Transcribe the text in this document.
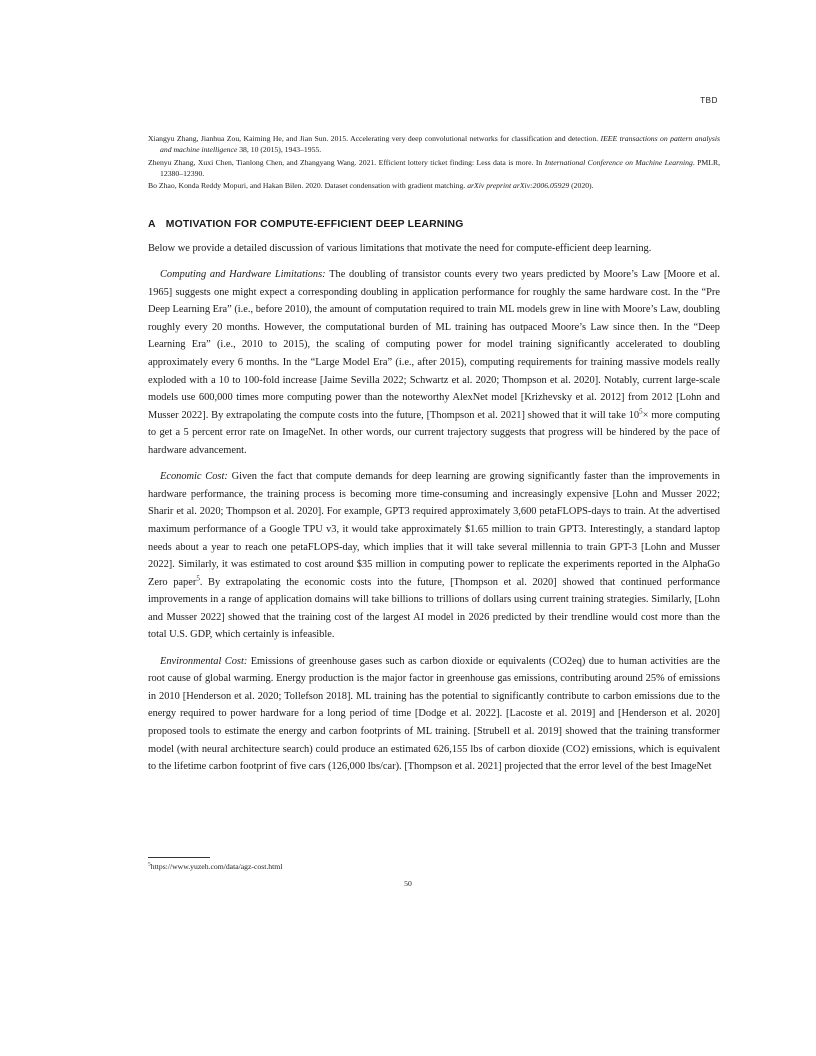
TBD

Xiangyu Zhang, Jianhua Zou, Kaiming He, and Jian Sun. 2015. Accelerating very deep convolutional networks for classification and detection. IEEE transactions on pattern analysis and machine intelligence 38, 10 (2015), 1943–1955.

Zhenyu Zhang, Xuxi Chen, Tianlong Chen, and Zhangyang Wang. 2021. Efficient lottery ticket finding: Less data is more. In International Conference on Machine Learning. PMLR, 12380–12390.

Bo Zhao, Konda Reddy Mopuri, and Hakan Bilen. 2020. Dataset condensation with gradient matching. arXiv preprint arXiv:2006.05929 (2020).

A MOTIVATION FOR COMPUTE-EFFICIENT DEEP LEARNING

Below we provide a detailed discussion of various limitations that motivate the need for compute-efficient deep learning.

Computing and Hardware Limitations: The doubling of transistor counts every two years predicted by Moore’s Law [Moore et al. 1965] suggests one might expect a corresponding doubling in application performance for roughly the same hardware cost. In the “Pre Deep Learning Era” (i.e., before 2010), the amount of computation required to train ML models grew in line with Moore’s Law, doubling roughly every 20 months. However, the computational burden of ML training has outpaced Moore’s Law since then. In the “Deep Learning Era” (i.e., 2010 to 2015), the scaling of computing power for model training significantly accelerated to doubling approximately every 6 months. In the “Large Model Era” (i.e., after 2015), computing requirements for training massive models really exploded with a 10 to 100-fold increase [Jaime Sevilla 2022; Schwartz et al. 2020; Thompson et al. 2020]. Notably, current large-scale models use 600,000 times more computing power than the noteworthy AlexNet model [Krizhevsky et al. 2012] from 2012 [Lohn and Musser 2022]. By extrapolating the compute costs into the future, [Thompson et al. 2021] showed that it will take $10^5\times$ more computing to get a 5 percent error rate on ImageNet. In other words, our current trajectory suggests that progress will be hindered by the pace of hardware advancement.

Economic Cost: Given the fact that compute demands for deep learning are growing significantly faster than the improvements in hardware performance, the training process is becoming more time-consuming and increasingly expensive [Lohn and Musser 2022; Sharir et al. 2020; Thompson et al. 2020]. For example, GPT3 required approximately 3,600 petaFLOPS-days to train. At the advertised maximum performance of a Google TPU v3, it would take approximately $1.65 million to train GPT3. Interestingly, a standard laptop needs about a year to reach one petaFLOPS-day, which implies that it will take several millennia to train GPT-3 [Lohn and Musser 2022]. Similarly, it was estimated to cost around $35 million in computing power to replicate the experiments reported in the AlphaGo Zero paper$^5$. By extrapolating the economic costs into the future, [Thompson et al. 2020] showed that continued performance improvements in a range of application domains will take billions to trillions of dollars using current training strategies. Similarly, [Lohn and Musser 2022] showed that the training cost of the largest AI model in 2026 predicted by their trendline would cost more than the total U.S. GDP, which certainly is infeasible.

Environmental Cost: Emissions of greenhouse gases such as carbon dioxide or equivalents (CO2eq) due to human activities are the root cause of global warming. Energy production is the major factor in greenhouse gas emissions, contributing around 25% of emissions in 2010 [Henderson et al. 2020; Tollefson 2018]. ML training has the potential to significantly contribute to carbon emissions due to the energy required to power hardware for a long period of time [Dodge et al. 2022]. [Lacoste et al. 2019] and [Henderson et al. 2020] proposed tools to estimate the energy and carbon footprints of ML training. [Strubell et al. 2019] showed that the training transformer model (with neural architecture search) could produce an estimated 626,155 lbs of carbon dioxide (CO2) emissions, which is equivalent to the lifetime carbon footprint of five cars (126,000 lbs/car). [Thompson et al. 2021] projected that the error level of the best ImageNet

$^5$https://www.yuzeh.com/data/agz-cost.html
50
